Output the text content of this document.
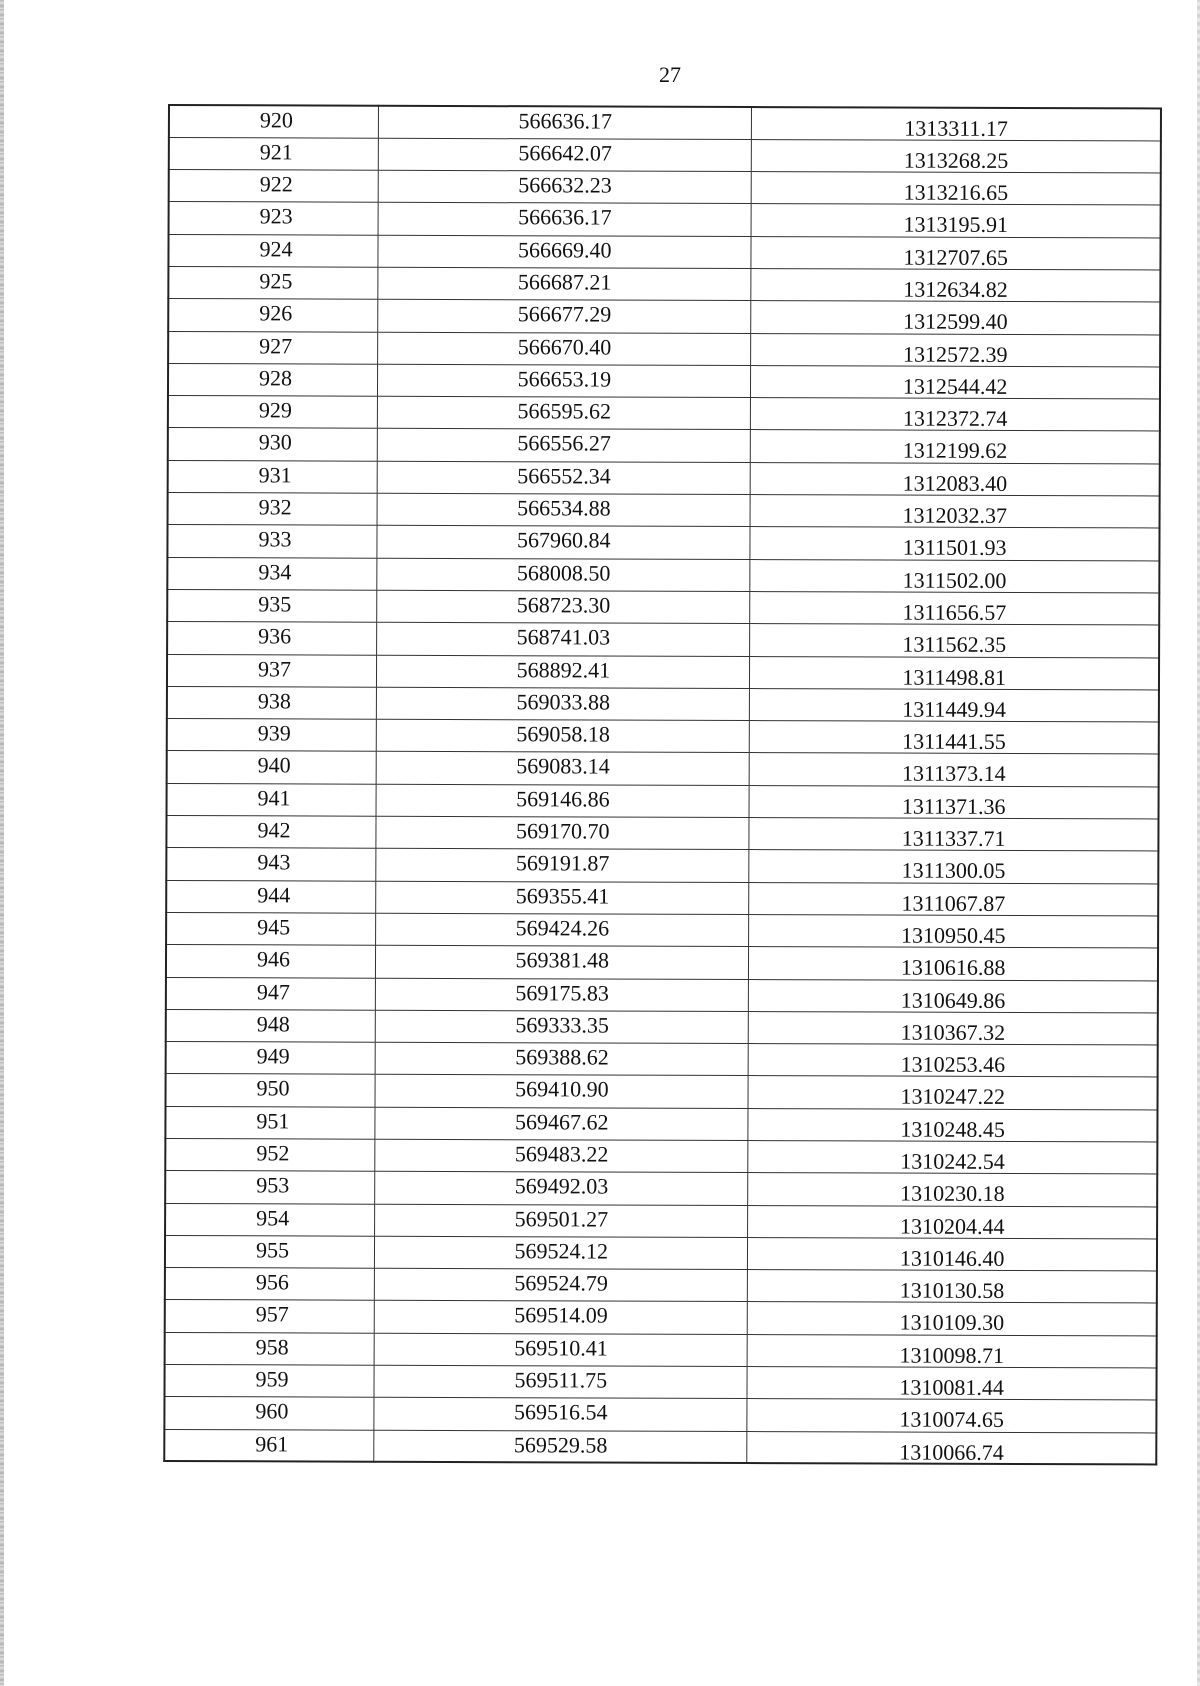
27
920	566636.17	1313311.17
921	566642.07	1313268.25
922	566632.23	1313216.65
923	566636.17	1313195.91
924	566669.40	1312707.65
925	566687.21	1312634.82
926	566677.29	1312599.40
927	566670.40	1312572.39
928	566653.19	1312544.42
929	566595.62	1312372.74
930	566556.27	1312199.62
931	566552.34	1312083.40
932	566534.88	1312032.37
933	567960.84	1311501.93
934	568008.50	1311502.00
935	568723.30	1311656.57
936	568741.03	1311562.35
937	568892.41	1311498.81
938	569033.88	1311449.94
939	569058.18	1311441.55
940	569083.14	1311373.14
941	569146.86	1311371.36
942	569170.70	1311337.71
943	569191.87	1311300.05
944	569355.41	1311067.87
945	569424.26	1310950.45
946	569381.48	1310616.88
947	569175.83	1310649.86
948	569333.35	1310367.32
949	569388.62	1310253.46
950	569410.90	1310247.22
951	569467.62	1310248.45
952	569483.22	1310242.54
953	569492.03	1310230.18
954	569501.27	1310204.44
955	569524.12	1310146.40
956	569524.79	1310130.58
957	569514.09	1310109.30
958	569510.41	1310098.71
959	569511.75	1310081.44
960	569516.54	1310074.65
961	569529.58	1310066.74
